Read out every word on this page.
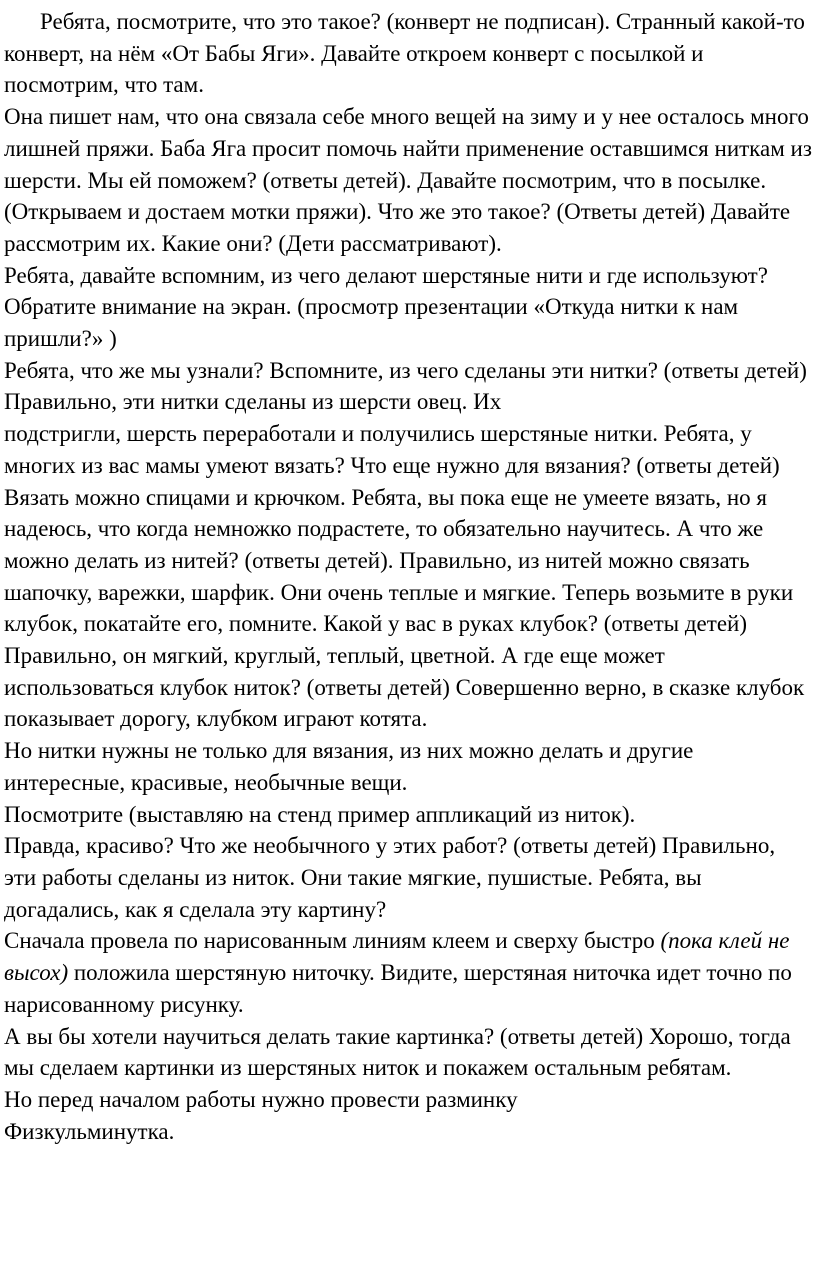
Ребята, посмотрите, что это такое? (конверт не подписан). Странный какой-то конверт, на нём «От Бабы Яги». Давайте откроем конверт с посылкой и посмотрим, что там.

Она пишет нам, что она связала себе много вещей на зиму и у нее осталось много лишней пряжи. Баба Яга просит помочь найти применение оставшимся ниткам из шерсти. Мы ей поможем? (ответы детей). Давайте посмотрим, что в посылке. (Открываем и достаем мотки пряжи). Что же это такое? (Ответы детей) Давайте рассмотрим их. Какие они? (Дети рассматривают).

Ребята, давайте вспомним, из чего делают шерстяные нити и где используют?

Обратите внимание на экран. (просмотр презентации «Откуда нитки к нам пришли?» )

Ребята, что же мы узнали? Вспомните, из чего сделаны эти нитки? (ответы детей) Правильно, эти нитки сделаны из шерсти овец. Их

подстригли, шерсть переработали и получились шерстяные нитки. Ребята, у многих из вас мамы умеют вязать? Что еще нужно для вязания? (ответы детей) Вязать можно спицами и крючком. Ребята, вы пока еще не умеете вязать, но я надеюсь, что когда немножко подрастете, то обязательно научитесь. А что же можно делать из нитей? (ответы детей). Правильно, из нитей можно связать шапочку, варежки, шарфик. Они очень теплые и мягкие. Теперь возьмите в руки клубок, покатайте его, помните. Какой у вас в руках клубок? (ответы детей) Правильно, он мягкий, круглый, теплый, цветной. А где еще может использоваться клубок ниток? (ответы детей) Совершенно верно, в сказке клубок показывает дорогу, клубком играют котята.

Но нитки нужны не только для вязания, из них можно делать и другие интересные, красивые, необычные вещи.

Посмотрите (выставляю на стенд пример аппликаций из ниток).

Правда, красиво? Что же необычного у этих работ? (ответы детей) Правильно, эти работы сделаны из ниток. Они такие мягкие, пушистые. Ребята, вы догадались, как я сделала эту картину?

Сначала провела по нарисованным линиям клеем и сверху быстро (пока клей не высох) положила шерстяную ниточку. Видите, шерстяная ниточка идет точно по нарисованному рисунку.

А вы бы хотели научиться делать такие картинка? (ответы детей) Хорошо, тогда мы сделаем картинки из шерстяных ниток и покажем остальным ребятам.

Но перед началом работы нужно провести разминку

Физкульминутка.
